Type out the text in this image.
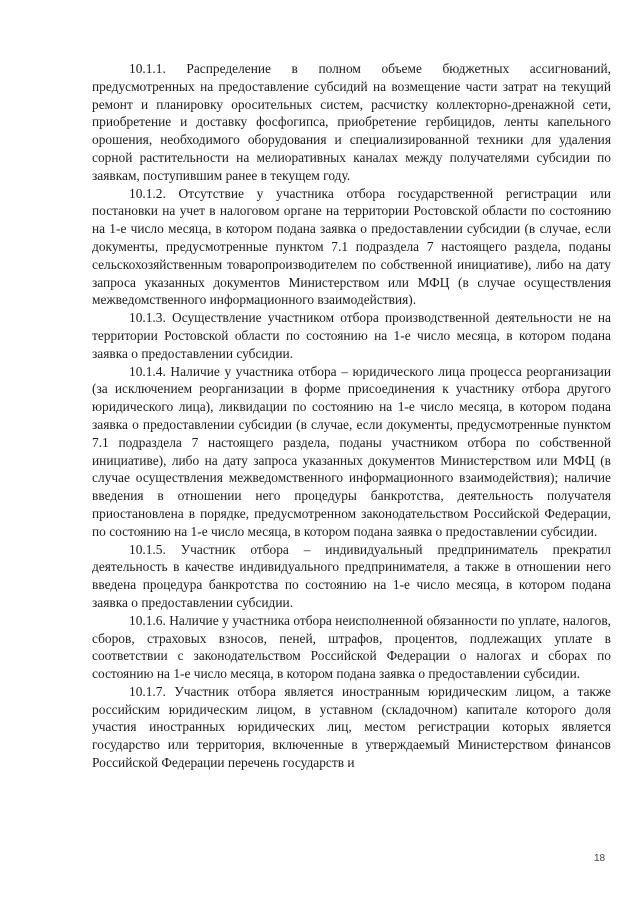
10.1.1. Распределение в полном объеме бюджетных ассигнований, предусмотренных на предоставление субсидий на возмещение части затрат на текущий ремонт и планировку оросительных систем, расчистку коллекторно-дренажной сети, приобретение и доставку фосфогипса, приобретение гербицидов, ленты капельного орошения, необходимого оборудования и специализированной техники для удаления сорной растительности на мелиоративных каналах между получателями субсидии по заявкам, поступившим ранее в текущем году.

10.1.2. Отсутствие у участника отбора государственной регистрации или постановки на учет в налоговом органе на территории Ростовской области по состоянию на 1-е число месяца, в котором подана заявка о предоставлении субсидии (в случае, если документы, предусмотренные пунктом 7.1 подраздела 7 настоящего раздела, поданы сельскохозяйственным товаропроизводителем по собственной инициативе), либо на дату запроса указанных документов Министерством или МФЦ (в случае осуществления межведомственного информационного взаимодействия).

10.1.3. Осуществление участником отбора производственной деятельности не на территории Ростовской области по состоянию на 1-е число месяца, в котором подана заявка о предоставлении субсидии.

10.1.4. Наличие у участника отбора – юридического лица процесса реорганизации (за исключением реорганизации в форме присоединения к участнику отбора другого юридического лица), ликвидации по состоянию на 1-е число месяца, в котором подана заявка о предоставлении субсидии (в случае, если документы, предусмотренные пунктом 7.1 подраздела 7 настоящего раздела, поданы участником отбора по собственной инициативе), либо на дату запроса указанных документов Министерством или МФЦ (в случае осуществления межведомственного информационного взаимодействия); наличие введения в отношении него процедуры банкротства, деятельность получателя приостановлена в порядке, предусмотренном законодательством Российской Федерации, по состоянию на 1-е число месяца, в котором подана заявка о предоставлении субсидии.

10.1.5. Участник отбора – индивидуальный предприниматель прекратил деятельность в качестве индивидуального предпринимателя, а также в отношении него введена процедура банкротства по состоянию на 1-е число месяца, в котором подана заявка о предоставлении субсидии.

10.1.6. Наличие у участника отбора неисполненной обязанности по уплате, налогов, сборов, страховых взносов, пеней, штрафов, процентов, подлежащих уплате в соответствии с законодательством Российской Федерации о налогах и сборах по состоянию на 1-е число месяца, в котором подана заявка о предоставлении субсидии.

10.1.7. Участник отбора является иностранным юридическим лицом, а также российским юридическим лицом, в уставном (складочном) капитале которого доля участия иностранных юридических лиц, местом регистрации которых является государство или территория, включенные в утверждаемый Министерством финансов Российской Федерации перечень государств и

18
